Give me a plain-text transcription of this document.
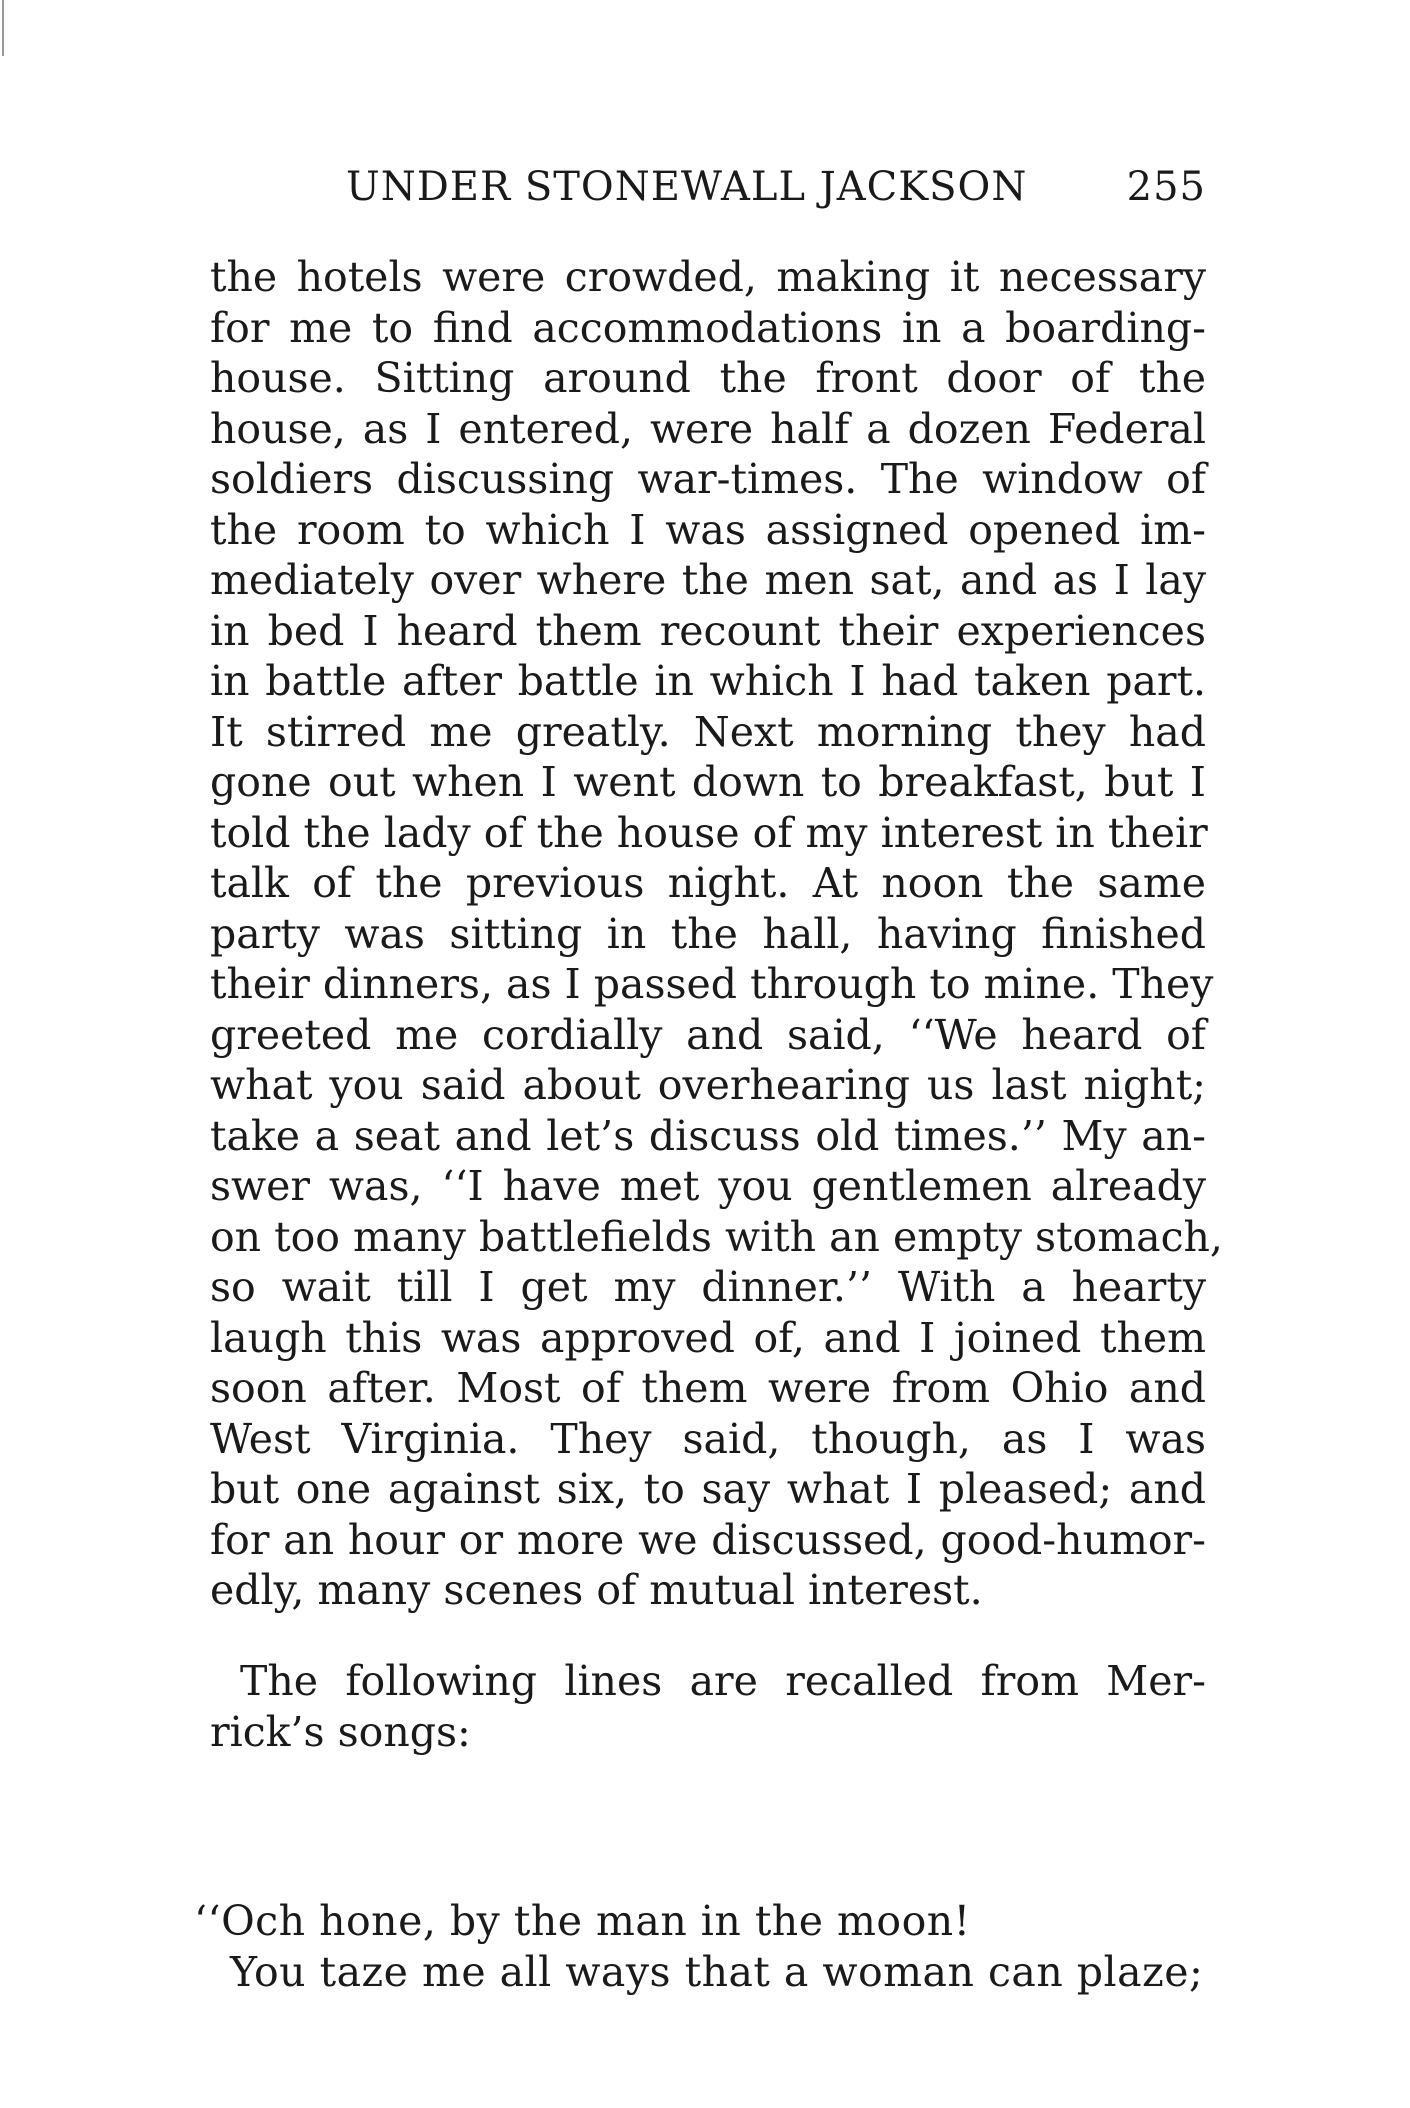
UNDER STONEWALL JACKSON 255
the hotels were crowded, making it necessary
for me to find accommodations in a boarding-
house. Sitting around the front door of the
house, as I entered, were half a dozen Federal
soldiers discussing war-times. The window of
the room to which I was assigned opened im-
mediately over where the men sat, and as I lay
in bed I heard them recount their experiences
in battle after battle in which I had taken part.
It stirred me greatly. Next morning they had
gone out when I went down to breakfast, but I
told the lady of the house of my interest in their
talk of the previous night. At noon the same
party was sitting in the hall, having finished
their dinners, as I passed through to mine. They
greeted me cordially and said, ‘‘We heard of
what you said about overhearing us last night;
take a seat and let’s discuss old times.’’ My an-
swer was, ‘‘I have met you gentlemen already
on too many battlefields with an empty stomach,
so wait till I get my dinner.’’ With a hearty
laugh this was approved of, and I joined them
soon after. Most of them were from Ohio and
West Virginia. They said, though, as I was
but one against six, to say what I pleased; and
for an hour or more we discussed, good-humor-
edly, many scenes of mutual interest.
The following lines are recalled from Mer-
rick’s songs:
‘‘Och hone, by the man in the moon!
You taze me all ways that a woman can plaze;
